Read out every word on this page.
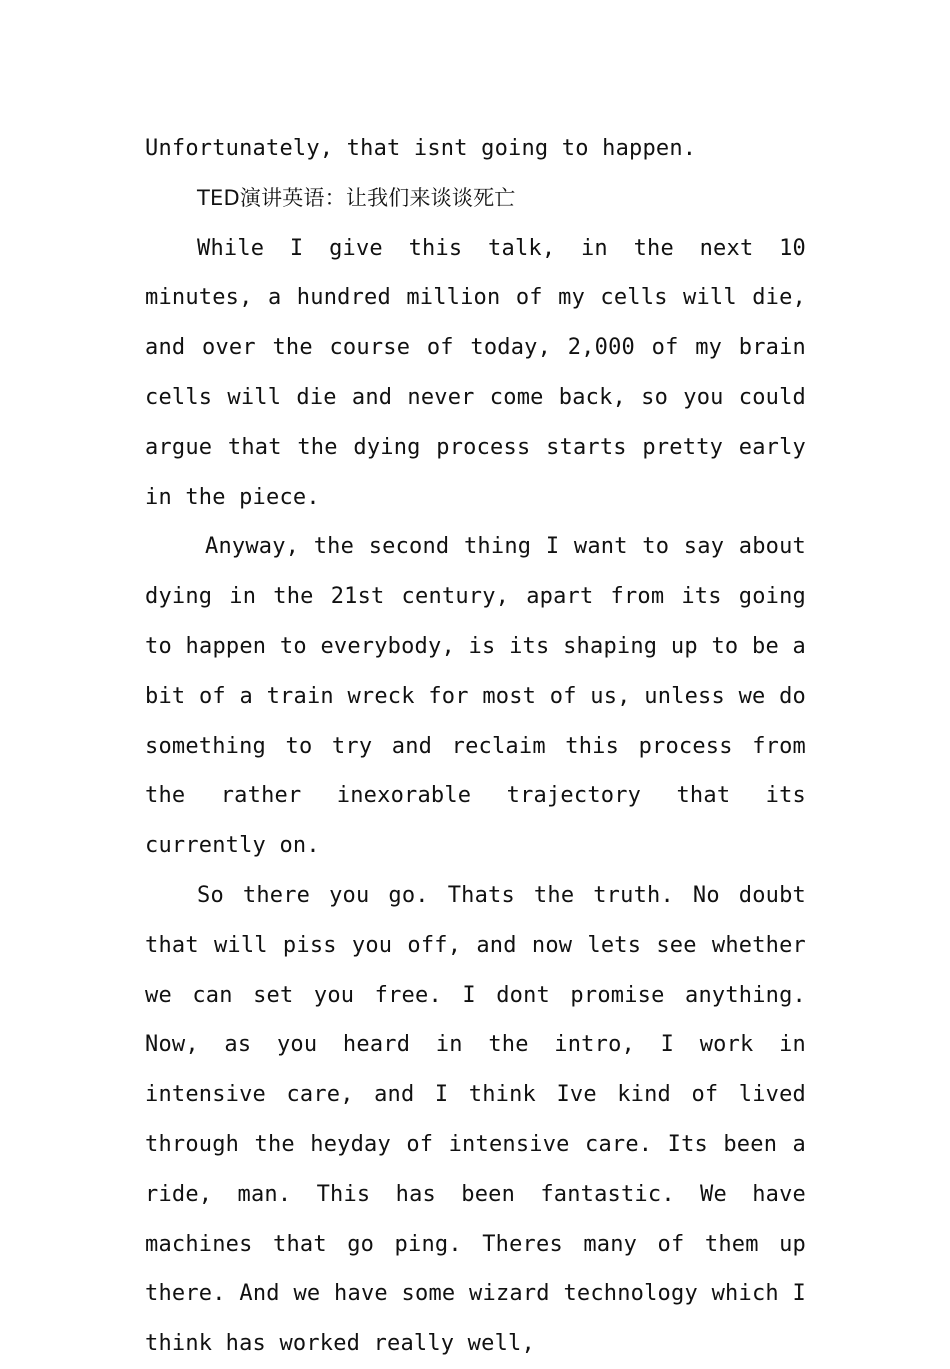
Unfortunately, that isnt going to happen.

TED演讲英语：让我们来谈谈死亡

While I give this talk, in the next 10 minutes, a hundred million of my cells will die, and over the course of today, 2,000 of my brain cells will die and never come back, so you could argue that the dying process starts pretty early in the piece.

Anyway, the second thing I want to say about dying in the 21st century, apart from its going to happen to everybody, is its shaping up to be a bit of a train wreck for most of us, unless we do something to try and reclaim this process from the rather inexorable trajectory that its currently on.

So there you go. Thats the truth. No doubt that will piss you off, and now lets see whether we can set you free. I dont promise anything. Now, as you heard in the intro, I work in intensive care, and I think Ive kind of lived through the heyday of intensive care. Its been a ride, man. This has been fantastic. We have machines that go ping. Theres many of them up there. And we have some wizard technology which I think has worked really well,
